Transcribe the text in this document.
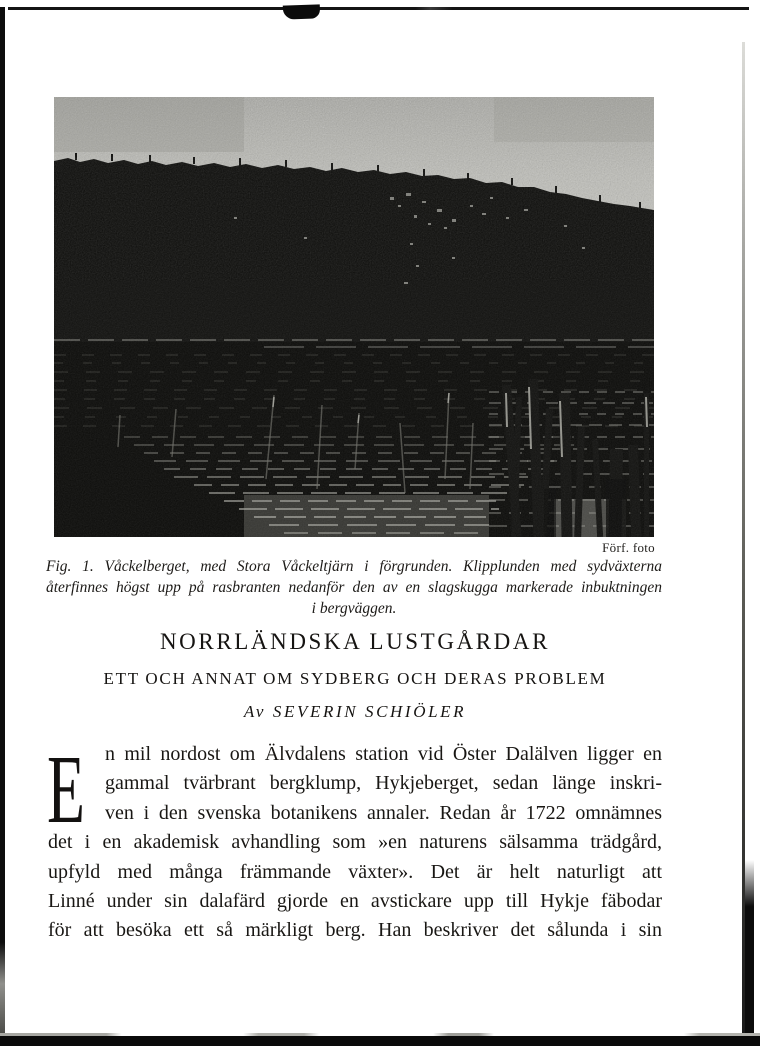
Förf. foto
Fig. 1. Våckelberget, med Stora Våckeltjärn i förgrunden. Klipplunden med sydväxterna
återfinnes högst upp på rasbranten nedanför den av en slagskugga markerade inbuktningen
i bergväggen.
NORRLÄNDSKA LUSTGÅRDAR
ETT OCH ANNAT OM SYDBERG OCH DERAS PROBLEM
Av SEVERIN SCHIÖLER
E	n mil nordost om Älvdalens station vid Öster Dalälven ligger en
gammal tvärbrant bergklump, Hykjeberget, sedan länge inskri-
ven i den svenska botanikens annaler. Redan år 1722 omnämnes
det i en akademisk avhandling som »en naturens sälsamma trädgård,
upfyld med många främmande växter». Det är helt naturligt att
Linné under sin dalafärd gjorde en avstickare upp till Hykje fäbodar
för att besöka ett så märkligt berg. Han beskriver det sålunda i sin
